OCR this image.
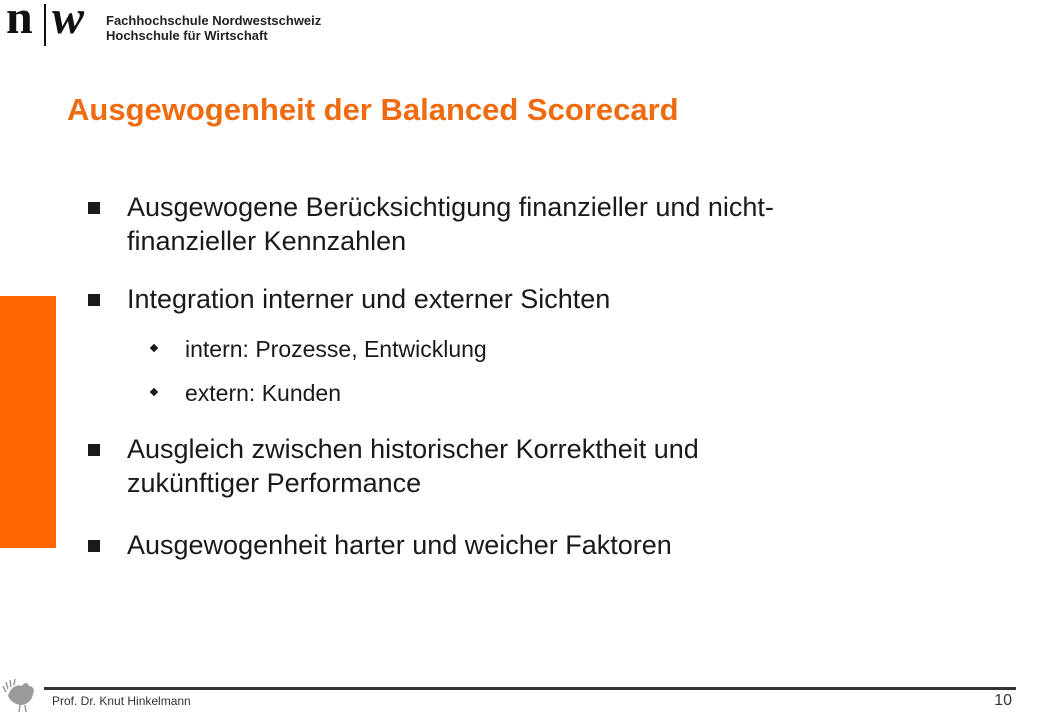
n w Fachhochschule Nordwestschweiz
Hochschule für Wirtschaft
Ausgewogenheit der Balanced Scorecard
Ausgewogene Berücksichtigung finanzieller und nicht-
finanzieller Kennzahlen
Integration interner und externer Sichten
intern: Prozesse, Entwicklung
extern: Kunden
Ausgleich zwischen historischer Korrektheit und
zukünftiger Performance
Ausgewogenheit harter und weicher Faktoren
Prof. Dr. Knut Hinkelmann	10
